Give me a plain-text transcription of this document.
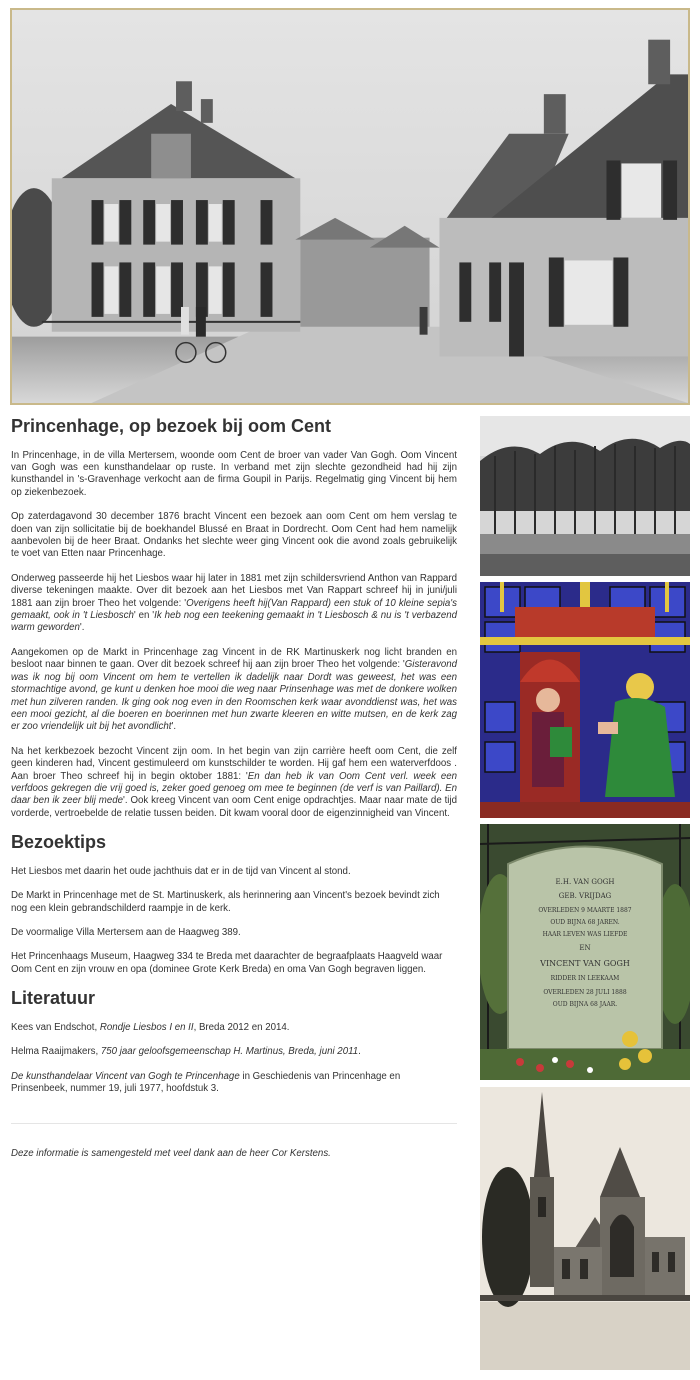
Princenhage, op bezoek bij oom Cent

In Princenhage, in de villa Mertersem, woonde oom Cent de broer van vader Van Gogh. Oom Vincent van Gogh was een kunsthandelaar op ruste. In verband met zijn slechte gezondheid had hij zijn kunsthandel in 's-Gravenhage verkocht aan de firma Goupil in Parijs. Regelmatig ging Vincent bij hem op ziekenbezoek.

Op zaterdagavond 30 december 1876 bracht Vincent een bezoek aan oom Cent om hem verslag te doen van zijn sollicitatie bij de boekhandel Blussé en Braat in Dordrecht. Oom Cent had hem namelijk aanbevolen bij de heer Braat. Ondanks het slechte weer ging Vincent ook die avond zoals gebruikelijk te voet van Etten naar Princenhage.

Onderweg passeerde hij het Liesbos waar hij later in 1881 met zijn schildersvriend Anthon van Rappard diverse tekeningen maakte. Over dit bezoek aan het Liesbos met Van Rappart schreef hij in juni/juli 1881 aan zijn broer Theo het volgende: 'Overigens heeft hij(Van Rappard) een stuk of 10 kleine sepia's gemaakt, ook in 't Liesbosch' en 'Ik heb nog een teekening gemaakt in 't Liesbosch & nu is 't verbazend warm geworden'.

Aangekomen op de Markt in Princenhage zag Vincent in de RK Martinuskerk nog licht branden en besloot naar binnen te gaan. Over dit bezoek schreef hij aan zijn broer Theo het volgende: 'Gisteravond was ik nog bij oom Vincent om hem te vertellen ik dadelijk naar Dordt was geweest, het was een stormachtige avond, ge kunt u denken hoe mooi die weg naar Prinsenhage was met de donkere wolken met hun zilveren randen. Ik ging ook nog even in den Roomschen kerk waar avonddienst was, het was een mooi gezicht, al die boeren en boerinnen met hun zwarte kleeren en witte mutsen, en de kerk zag er zoo vriendelijk uit bij het avondlicht'.

Na het kerkbezoek bezocht Vincent zijn oom. In het begin van zijn carrière heeft oom Cent, die zelf geen kinderen had, Vincent gestimuleerd om kunstschilder te worden. Hij gaf hem een waterverfdoos . Aan broer Theo schreef hij in begin oktober 1881: 'En dan heb ik van Oom Cent verl. week een verfdoos gekregen die vrij goed is, zeker goed genoeg om mee te beginnen (de verf is van Paillard). En daar ben ik zeer blij mede'. Ook kreeg Vincent van oom Cent enige opdrachtjes. Maar naar mate de tijd vorderde, vertroebelde de relatie tussen beiden. Dit kwam vooral door de eigenzinnigheid van Vincent.

Bezoektips

Het Liesbos met daarin het oude jachthuis dat er in de tijd van Vincent al stond.

De Markt in Princenhage met de St. Martinuskerk, als herinnering aan Vincent's bezoek bevindt zich nog een klein gebrandschilderd raampje in de kerk.

De voormalige Villa Mertersem aan de Haagweg 389.

Het Princenhaags Museum, Haagweg 334 te Breda met daarachter de begraafplaats Haagveld waar Oom Cent en zijn vrouw en opa (dominee Grote Kerk Breda) en oma Van Gogh begraven liggen.

Literatuur

Kees van Endschot, Rondje Liesbos I en II, Breda 2012 en 2014.

Helma Raaijmakers, 750 jaar geloofsgemeenschap H. Martinus, Breda, juni 2011.

De kunsthandelaar Vincent van Gogh te Princenhage in Geschiedenis van Princenhage en Prinsenbeek, nummer 19, juli 1977, hoofdstuk 3.

Deze informatie is samengesteld met veel dank aan de heer Cor Kerstens.

E.H. VAN GOGH
GEB. VRIJDAG
OVERLEDEN 9 MAARTE 1887
OUD BIJNA 68 JAREN.
HAAR LEVEN WAS LIEFDE
EN
VINCENT VAN GOGH
RIDDER IN LEEKAAM
OVERLEDEN 28 JULI 1888
OUD BIJNA 68 JAAR.
